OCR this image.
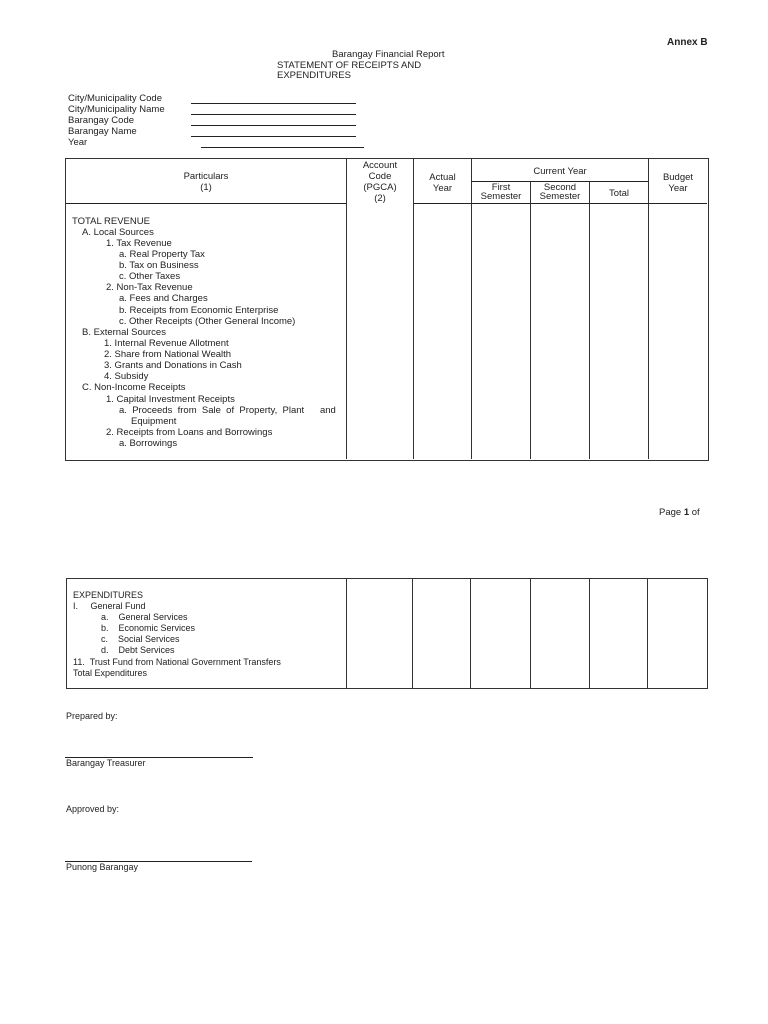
Annex B
Barangay Financial Report
STATEMENT OF RECEIPTS AND
EXPENDITURES
City/Municipality Code
City/Municipality Name
Barangay Code
Barangay Name
Year
Particulars
(1)
Account
Code
(PGCA)
(2)
Actual
Year
Current Year
First
Semester
Second
Semester	Total
Budget
Year
TOTAL REVENUE
A. Local Sources
1. Tax Revenue
a. Real Property Tax
b. Tax on Business
c. Other Taxes
2. Non-Tax Revenue
a. Fees and Charges
b. Receipts from Economic Enterprise
c. Other Receipts (Other General Income)
B. External Sources
1. Internal Revenue Allotment
2. Share from National Wealth
3. Grants and Donations in Cash
4. Subsidy
C. Non-Income Receipts
1. Capital Investment Receipts
a.  Proceeds  from  Sale  of  Property,  Plant      and
Equipment
2. Receipts from Loans and Borrowings
a. Borrowings
Page 1 of
EXPENDITURES
I.     General Fund
a.    General Services
b.    Economic Services
c.    Social Services
d.    Debt Services
11.  Trust Fund from National Government Transfers
Total Expenditures
Prepared by:
Barangay Treasurer
Approved by:
Punong Barangay
